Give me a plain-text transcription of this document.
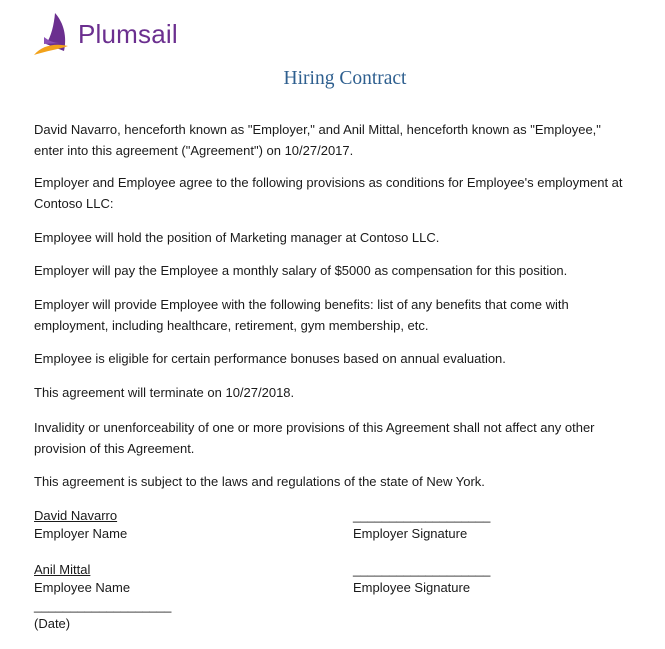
Plumsail
Hiring Contract
David Navarro, henceforth known as "Employer," and Anil Mittal, henceforth known as "Employee,"
enter into this agreement ("Agreement") on 10/27/2017.
Employer and Employee agree to the following provisions as conditions for Employee's employment at
Contoso LLC:
Employee will hold the position of Marketing manager at Contoso LLC.
Employer will pay the Employee a monthly salary of $5000 as compensation for this position.
Employer will provide Employee with the following benefits: list of any benefits that come with
employment, including healthcare, retirement, gym membership, etc.
Employee is eligible for certain performance bonuses based on annual evaluation.
This agreement will terminate on 10/27/2018.
Invalidity or unenforceability of one or more provisions of this Agreement shall not affect any other
provision of this Agreement.
This agreement is subject to the laws and regulations of the state of New York.
David Navarro
Employer Name
___________________
Employer Signature
Anil Mittal
Employee Name
___________________
Employee Signature
___________________
(Date)
